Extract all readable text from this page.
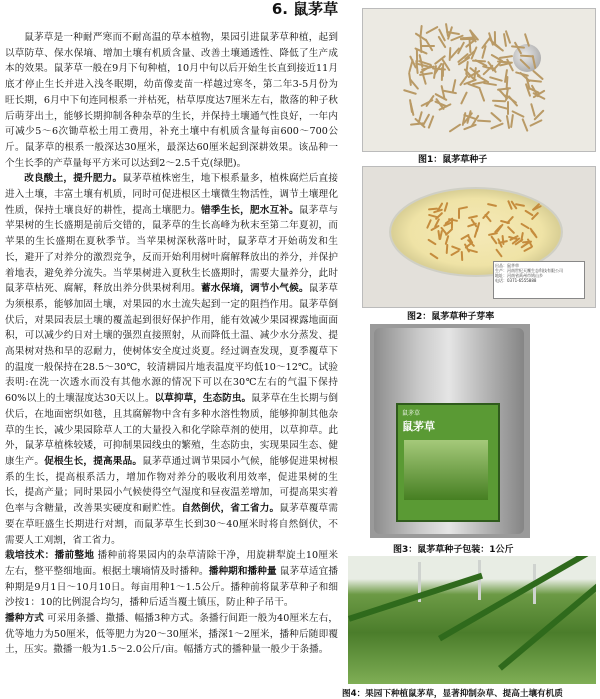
6. 鼠茅草

鼠茅草是一种耐严寒而不耐高温的草本植物，果园引进鼠茅草种植，起到以草防草、保水保墒、增加土壤有机质含量、改善土壤通透性、降低了生产成本的效果。鼠茅草一般在9月下旬种植，10月中旬以后开始生长直到接近11月底才停止生长并进入浅冬眠期，幼苗像麦苗一样越过寒冬，第二年3-5月份为旺长期，6月中下旬连同根系一并枯死，枯草厚度达7厘米左右，散落的种子秋后萌芽出土，能够长期抑制各种杂草的生长，并保持土壤通气性良好，一年内可减少5～6次锄草松土用工费用，补充土壤中有机质含量每亩600～700公斤。鼠茅草的根系一般深达30厘米，最深达60厘米起到深耕效果。该品种一个生长季的产草量每平方米可以达到2～2.5千克(绿肥)。

改良酸土，提升肥力。鼠茅草植株密生，地下根系量多，植株腐烂后直接进入土壤，丰富土壤有机质，同时可促进根区土壤微生物活性，调节土壤理化性质，保持土壤良好的耕性，提高土壤肥力。错季生长，肥水互补。鼠茅草与苹果树的生长盛期是前后交错的，鼠茅草的生长高峰为秋末至第二年夏初，而苹果的生长盛期在夏秋季节。当苹果树深秋落叶时，鼠茅草才开始萌发和生长，避开了对养分的激烈竞争，反而开始利用树叶腐解释放出的养分，并保护着地表，避免养分流失。当苹果树进入夏秋生长盛期时，需要大量养分，此时鼠茅草枯死、腐解，释放出养分供果树利用。蓄水保墒，调节小气候。鼠茅草为须根系，能够加固土壤，对果园的水土流失起到一定的阻挡作用。鼠茅草倒伏后，对果园表层土壤的覆盖起到很好保护作用，能有效减少果园裸露地面面积，可以减少约日对土壤的强烈直接照射，从而降低土温、减少水分蒸发、提高果树对热和旱的忍耐力，使树体安全度过炎夏。经过调查发现，夏季覆草下的温度一般保持在28.5～30℃，较清耕园片地表温度平均低10～12℃。试验表明:在洗一次透水而没有其他水源的情况下可以在30℃左右的气温下保持60%以上的土壤湿度达30天以上。以草抑草，生态防虫。鼠茅草在生长期与倒伏后，在地面密织如毯，且其腐解物中含有多种水溶性物质，能够抑制其他杂草的生长，减少果园除草人工的大量投入和化学除草剂的使用，以草抑草。此外，鼠茅草植株较矮，可抑制果园线虫的繁殖，生态防虫，实现果园生态、健康生产。促根生长，提高果品。鼠茅草通过调节果园小气候，能够促进果树根系的生长，提高根系活力，增加作物对养分的吸收利用效率，促进果树的生长，提高产量；同时果园小气候使得空气湿度和昼夜温差增加，可提高果实着色率与含糖量，改善果实硬度和耐贮性。自然倒伏，省工省力。鼠茅草覆草需要在草旺盛生长期进行对割，而鼠茅草生长到30～40厘米时将自然倒伏，不需要人工刈割，省工省力。

栽培技术：播前整地 播种前将果园内的杂草清除干净，用旋耕犁旋土10厘米左右，整平整细地面。根据土壤墒情及时播种。播种期和播种量 鼠茅草适宜播种期是9月1日～10月10日。每亩用种1～1.5公斤。播种前将鼠茅草种子和细沙按1：10的比例混合均匀，播种后适当覆土镇压，防止种子吊干。

播种方式 可采用条播、撒播、幅播3种方式。条播行间距一般为40厘米左右，优等地力为50厘米，低等肥力为20～30厘米，播深1～2厘米，播种后随即覆土，压实。撒播一般为1.5～2.0公斤/亩。幅播方式的播种量一般少于条播。

图1：鼠茅草种子
出品：鼠茅草
生产：河南世纪天鹰生态科技有限公司
地址：河南省禹州市鸠山乡
电话：0371-6555888
图2：鼠茅草种子芽率
鼠茅草
鼠茅草
图3：鼠茅草种子包装：1公斤
图4：果园下种植鼠茅草，显著抑制杂草、提高土壤有机质
